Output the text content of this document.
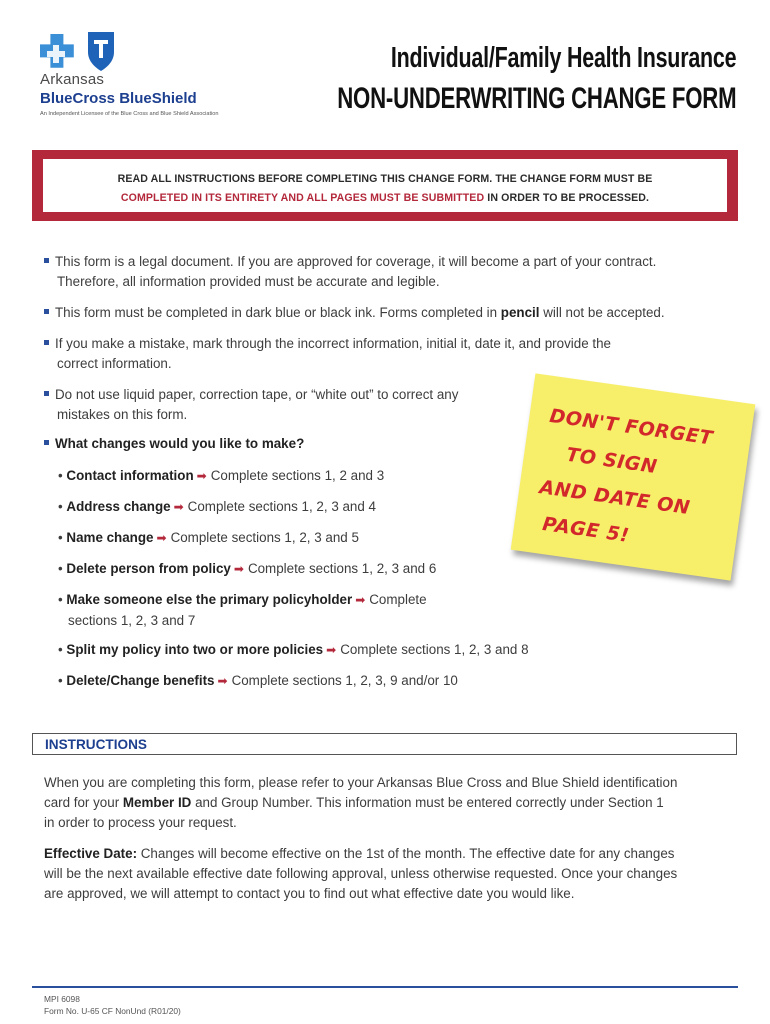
Arkansas
BlueCross BlueShield
An Independent Licensee of the Blue Cross and Blue Shield Association
Individual/Family Health Insurance
NON-UNDERWRITING CHANGE FORM
READ ALL INSTRUCTIONS BEFORE COMPLETING THIS CHANGE FORM. THE CHANGE FORM MUST BE
COMPLETED IN ITS ENTIRETY AND ALL PAGES MUST BE SUBMITTED IN ORDER TO BE PROCESSED.
This form is a legal document. If you are approved for coverage, it will become a part of your contract.
Therefore, all information provided must be accurate and legible.
This form must be completed in dark blue or black ink. Forms completed in pencil will not be accepted.
If you make a mistake, mark through the incorrect information, initial it, date it, and provide the
correct information.
Do not use liquid paper, correction tape, or “white out” to correct any
mistakes on this form.
What changes would you like to make?
• Contact information ➡ Complete sections 1, 2 and 3
• Address change ➡ Complete sections 1, 2, 3 and 4
• Name change ➡ Complete sections 1, 2, 3 and 5
• Delete person from policy ➡ Complete sections 1, 2, 3 and 6
• Make someone else the primary policyholder ➡ Complete
sections 1, 2, 3 and 7
• Split my policy into two or more policies ➡ Complete sections 1, 2, 3 and 8
• Delete/Change benefits ➡ Complete sections 1, 2, 3, 9 and/or 10
DON'T FORGET
TO SIGN
AND DATE ON
PAGE 5!
INSTRUCTIONS
When you are completing this form, please refer to your Arkansas Blue Cross and Blue Shield identification
card for your Member ID and Group Number. This information must be entered correctly under Section 1
in order to process your request.
Effective Date: Changes will become effective on the 1st of the month. The effective date for any changes
will be the next available effective date following approval, unless otherwise requested. Once your changes
are approved, we will attempt to contact you to find out what effective date you would like.
MPI 6098
Form No. U-65 CF NonUnd (R01/20)
